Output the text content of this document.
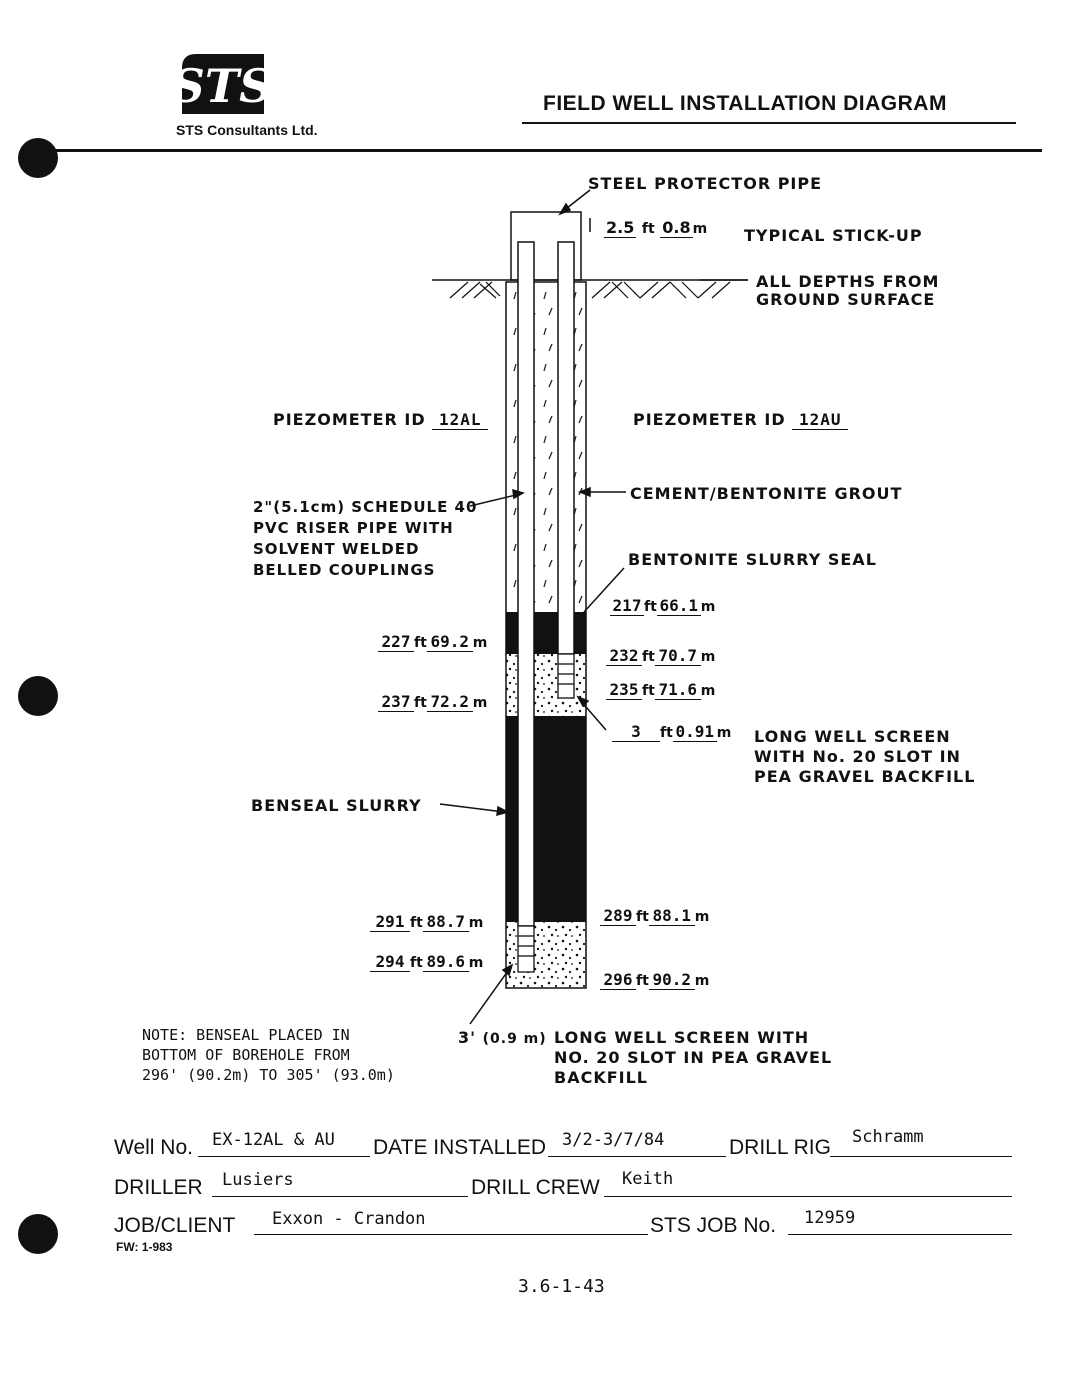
STS
STS Consultants Ltd.
FIELD WELL INSTALLATION DIAGRAM
STEEL PROTECTOR PIPE
2.5 ft 0.8 m TYPICAL STICK-UP
ALL DEPTHS FROM
GROUND SURFACE
PIEZOMETER ID 12AL	PIEZOMETER ID 12AU
2"(5.1cm) SCHEDULE 40
PVC RISER PIPE WITH
SOLVENT WELDED
BELLED COUPLINGS
CEMENT/BENTONITE GROUT
BENTONITE SLURRY SEAL
217 ft 66.1 m
227 ft 69.2 m
232 ft 70.7 m
235 ft 71.6 m
237 ft 72.2 m
3 ft 0.91 m LONG WELL SCREEN
WITH No. 20 SLOT IN
PEA GRAVEL BACKFILL
BENSEAL SLURRY
289 ft 88.1 m
291 ft 88.7 m
294 ft 89.6 m
296 ft 90.2 m
3' (0.9 m) LONG WELL SCREEN WITH
NO. 20 SLOT IN PEA GRAVEL
BACKFILL
NOTE: BENSEAL PLACED IN
BOTTOM OF BOREHOLE FROM
296' (90.2m) TO 305' (93.0m)
Well No. EX-12AL & AU DATE INSTALLED 3/2-3/7/84	DRILL RIG Schramm
DRILLER Lusiers	DRILL CREW Keith
JOB/CLIENT Exxon - Crandon	STS JOB No. 12959
FW: 1-983
3.6-1-43
